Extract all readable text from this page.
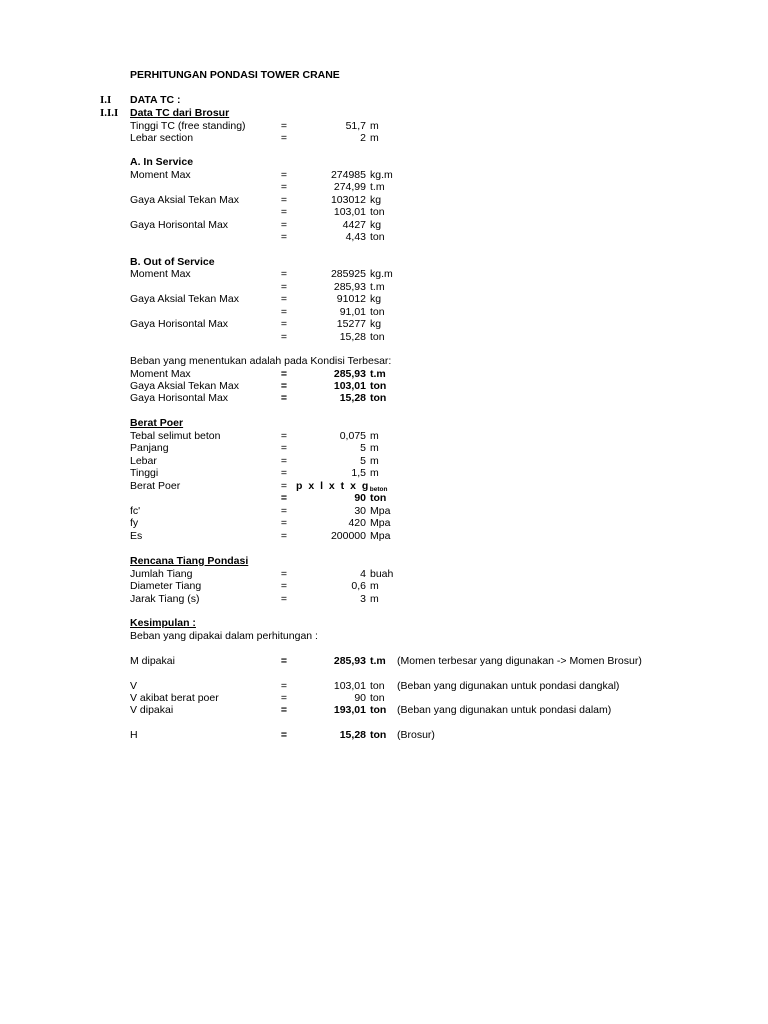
PERHITUNGAN PONDASI TOWER CRANE
I.I DATA TC :
I.I.I Data TC dari Brosur
Tinggi TC (free standing)	=	51,7 m
Lebar section	=	2 m
A. In Service
Moment Max	=	274985 kg.m
=	274,99 t.m
Gaya Aksial Tekan Max	=	103012 kg
=	103,01 ton
Gaya Horisontal Max	=	4427 kg
=	4,43 ton
B. Out of Service
Moment Max	=	285925 kg.m
=	285,93 t.m
Gaya Aksial Tekan Max	=	91012 kg
=	91,01 ton
Gaya Horisontal Max	=	15277 kg
=	15,28 ton
Beban yang menentukan adalah pada Kondisi Terbesar:
Moment Max	=	285,93 t.m
Gaya Aksial Tekan Max	=	103,01 ton
Gaya Horisontal Max	=	15,28 ton
Berat Poer
Tebal selimut beton	=	0,075 m
Panjang	=	5 m
Lebar	=	5 m
Tinggi	=	1,5 m
Berat Poer	= p x l x t x $g_{beton}$
=	90 ton
fc'	=	30 Mpa
fy	=	420 Mpa
Es	=	200000 Mpa
Rencana Tiang Pondasi
Jumlah Tiang	=	4 buah
Diameter Tiang	=	0,6 m
Jarak Tiang (s)	=	3 m
Kesimpulan :
Beban yang dipakai dalam perhitungan :
M dipakai	=	285,93 t.m (Momen terbesar yang digunakan -> Momen Brosur)
V	=	103,01 ton (Beban yang digunakan untuk pondasi dangkal)
V akibat berat poer	=	90 ton
V dipakai	=	193,01 ton (Beban yang digunakan untuk pondasi dalam)
H	=	15,28 ton (Brosur)
